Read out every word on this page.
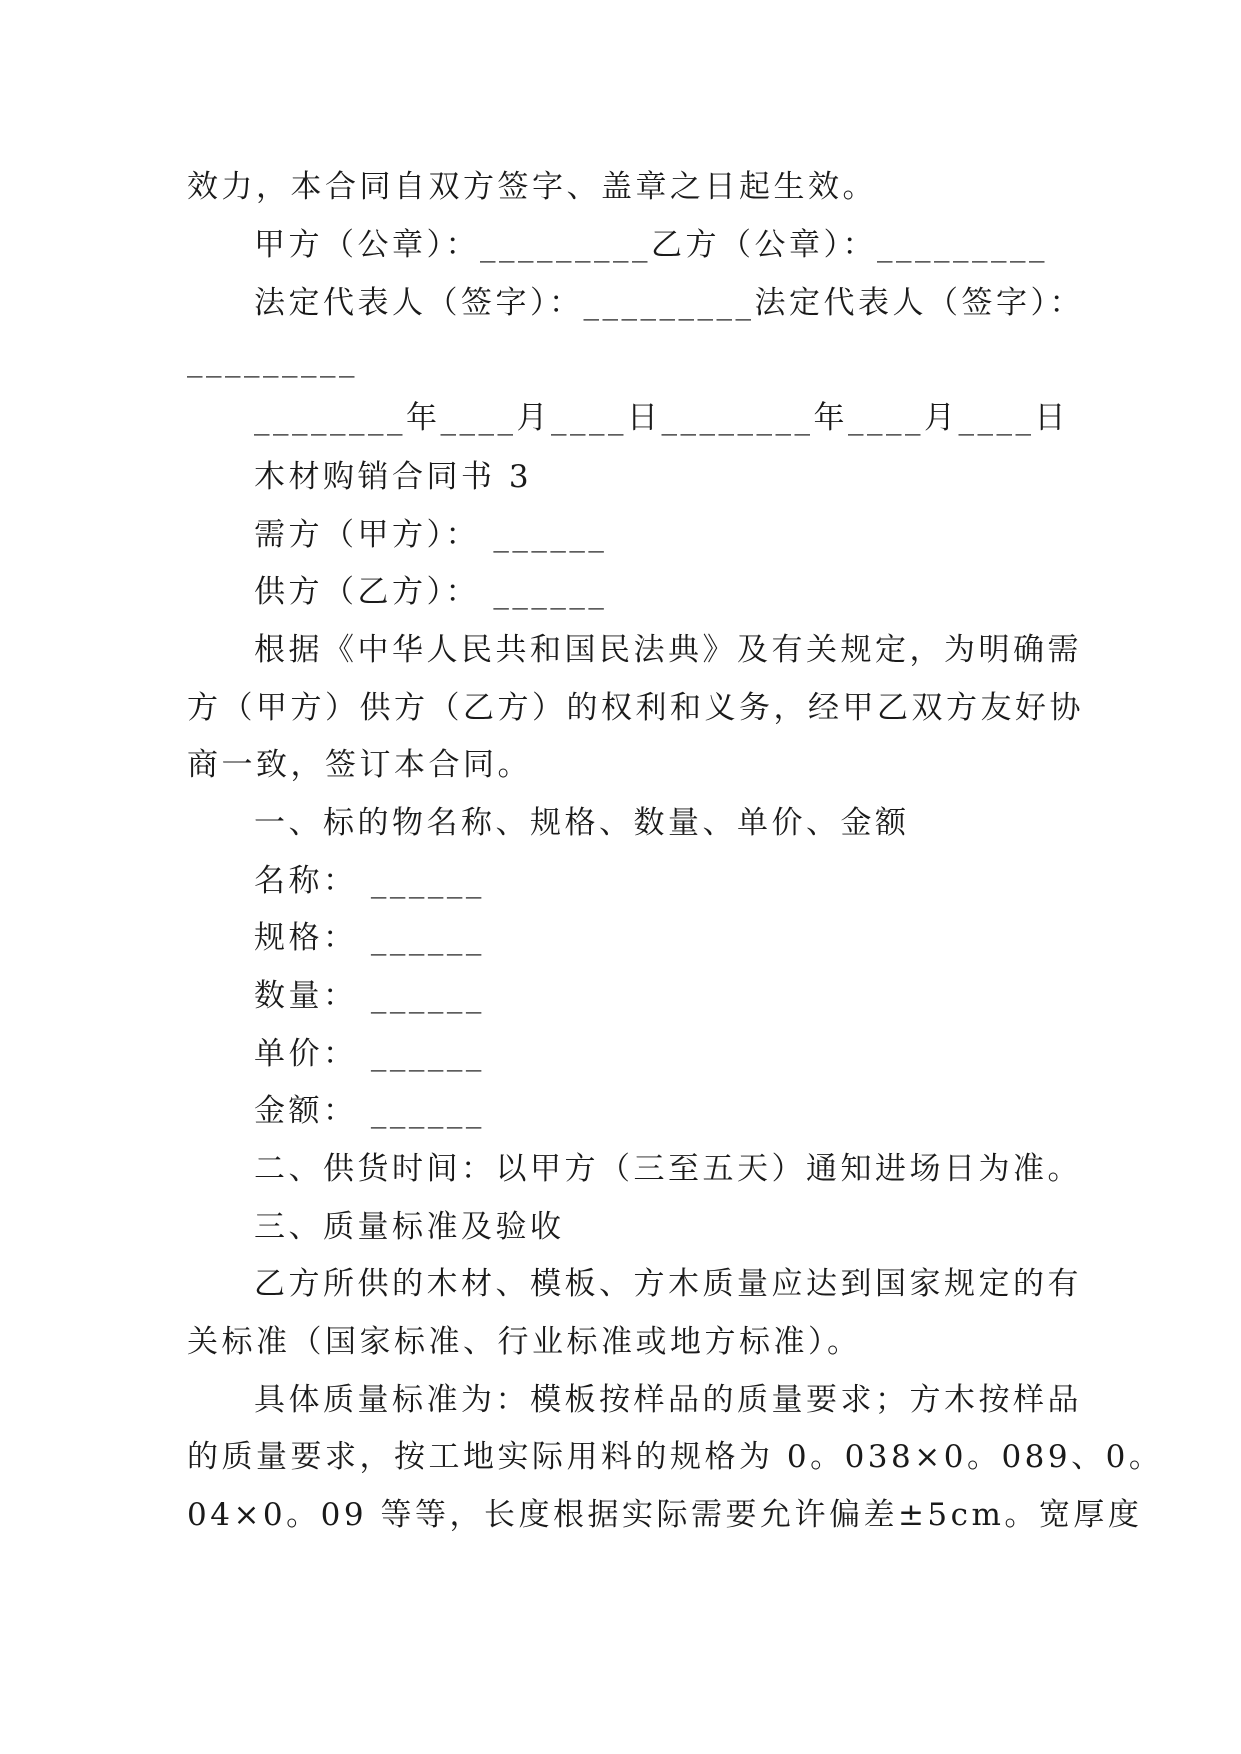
效力，本合同自双方签字、盖章之日起生效。
甲方（公章）：_________乙方（公章）：_________
法定代表人（签字）：_________法定代表人（签字）：
_________
________年____月____日________年____月____日
木材购销合同书 3
需方（甲方）： ______
供方（乙方）： ______
根据《中华人民共和国民法典》及有关规定，为明确需
方（甲方）供方（乙方）的权利和义务，经甲乙双方友好协
商一致，签订本合同。
一、标的物名称、规格、数量、单价、金额
名称： ______
规格： ______
数量： ______
单价： ______
金额： ______
二、供货时间：以甲方（三至五天）通知进场日为准。
三、质量标准及验收
乙方所供的木材、模板、方木质量应达到国家规定的有
关标准（国家标准、行业标准或地方标准）。
具体质量标准为：模板按样品的质量要求；方木按样品
的质量要求，按工地实际用料的规格为 0。038×0。089、0。
04×0。09 等等，长度根据实际需要允许偏差±5cm。宽厚度
